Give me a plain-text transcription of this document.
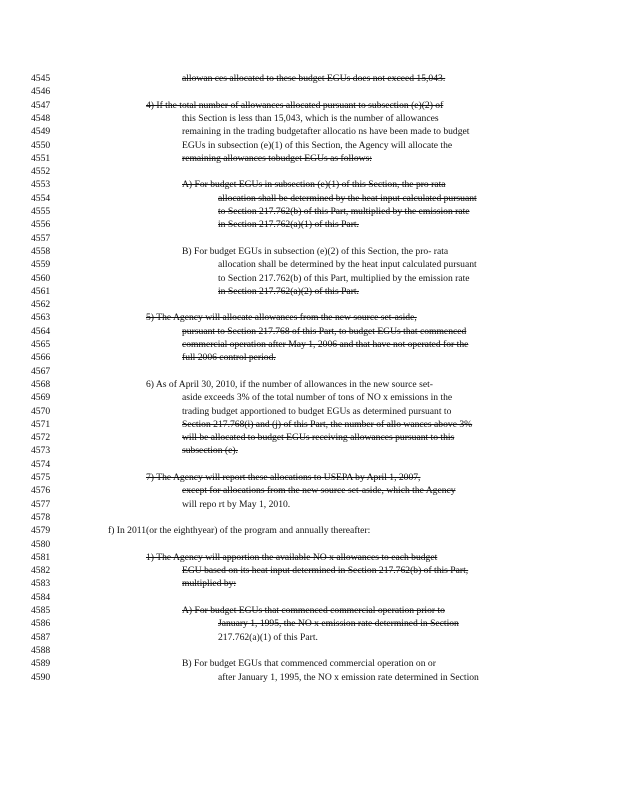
4545	allowan ces allocated to these budget EGUs does not exceed 15,043.
4546
4547	4) If the total number of allowances allocated pursuant to subsection (e)(2) of
4548	this Section is less than 15,043, which is the number of allowances
4549	remaining in the trading budgetafter allocatio ns have been made to budget
4550	EGUs in subsection (e)(1) of this Section, the Agency will allocate the
4551	remaining allowances tobudget EGUs as follows:
4552
4553	A) For budget EGUs in subsection (e)(1) of this Section, the pro rata
4554	allocation shall be determined by the heat input calculated pursuant
4555	to Section 217.762(b) of this Part, multiplied by the emission rate
4556	in Section 217.762(a)(1) of this Part.
4557
4558	B) For budget EGUs in subsection (e)(2) of this Section, the pro- rata
4559	allocation shall be determined by the heat input calculated pursuant
4560	to Section 217.762(b) of this Part, multiplied by the emission rate
4561	in Section 217.762(a)(2) of this Part.
4562
4563	5) The Agency will allocate allowances from the new source set-aside,
4564	pursuant to Section 217.768 of this Part, to budget EGUs that commenced
4565	commercial operation after May 1, 2006 and that have not operated for the
4566	full 2006 control period.
4567
4568	6) As of April 30, 2010, if the number of allowances in the new source set-
4569	aside exceeds 3% of the total number of tons of NO x emissions in the
4570	trading budget apportioned to budget EGUs as determined pursuant to
4571	Section 217.768(i) and (j) of this Part, the number of allo wances above 3%
4572	will be allocated to budget EGUs receiving allowances pursuant to this
4573	subsection (e).
4574
4575	7) The Agency will report these allocations to USEPA by April 1, 2007,
4576	except for allocations from the new source set-aside, which the Agency
4577	will repo rt by May 1, 2010.
4578
4579	f) In 2011(or the eighthyear) of the program and annually thereafter:
4580
4581	1) The Agency will apportion the available NO x allowances to each budget
4582	EGU based on its heat input determined in Section 217.762(b) of this Part,
4583	multiplied by:
4584
4585	A) For budget EGUs that commenced commercial operation prior to
4586	January 1, 1995, the NO x emission rate determined in Section
4587	217.762(a)(1) of this Part.
4588
4589	B) For budget EGUs that commenced commercial operation on or
4590	after January 1, 1995, the NO x emission rate determined in Section
